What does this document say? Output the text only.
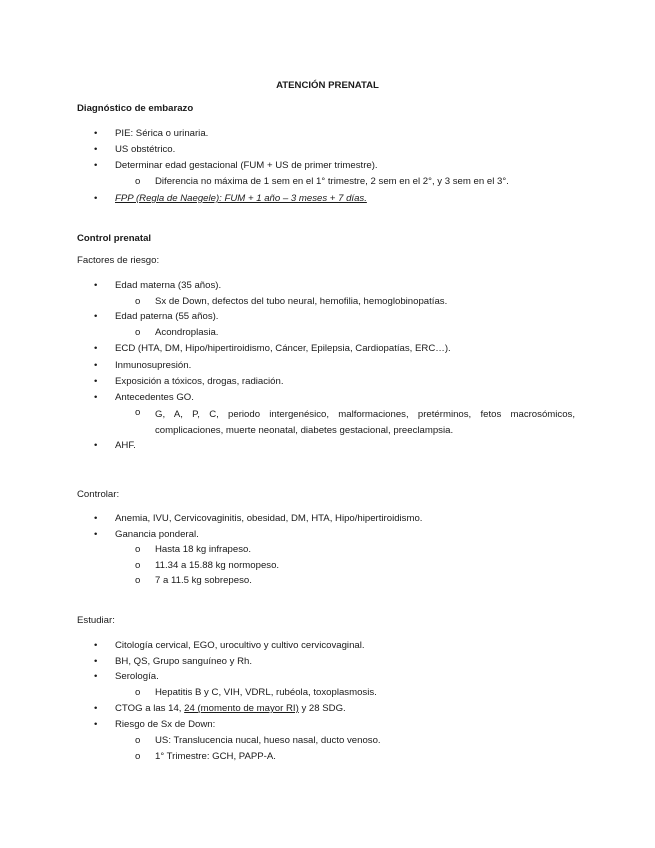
ATENCIÓN PRENATAL
Diagnóstico de embarazo
•	PIE: Sérica o urinaria.
•	US obstétrico.
•	Determinar edad gestacional (FUM + US de primer trimestre).
o Diferencia no máxima de 1 sem en el 1° trimestre, 2 sem en el 2°, y 3 sem en el 3°.
•	FPP (Regla de Naegele): FUM + 1 año – 3 meses + 7 días.
Control prenatal
Factores de riesgo:
•	Edad materna (35 años).
o Sx de Down, defectos del tubo neural, hemofilia, hemoglobinopatías.
•	Edad paterna (55 años).
o Acondroplasia.
•	ECD (HTA, DM, Hipo/hipertiroidismo, Cáncer, Epilepsia, Cardiopatías, ERC…).
•	Inmunosupresión.
•	Exposición a tóxicos, drogas, radiación.
•	Antecedentes GO.
o G, A, P, C, periodo intergenésico, malformaciones, pretérminos, fetos macrosómicos, complicaciones, muerte neonatal, diabetes gestacional, preeclampsia.
•	AHF.
Controlar:
•	Anemia, IVU, Cervicovaginitis, obesidad, DM, HTA, Hipo/hipertiroidismo.
•	Ganancia ponderal.
o Hasta 18 kg infrapeso.
o 11.34 a 15.88 kg normopeso.
o 7 a 11.5 kg sobrepeso.
Estudiar:
•	Citología cervical, EGO, urocultivo y cultivo cervicovaginal.
•	BH, QS, Grupo sanguíneo y Rh.
•	Serología.
o Hepatitis B y C, VIH, VDRL, rubéola, toxoplasmosis.
•	CTOG a las 14, 24 (momento de mayor RI) y 28 SDG.
•	Riesgo de Sx de Down:
o US: Translucencia nucal, hueso nasal, ducto venoso.
o 1° Trimestre: GCH, PAPP-A.
